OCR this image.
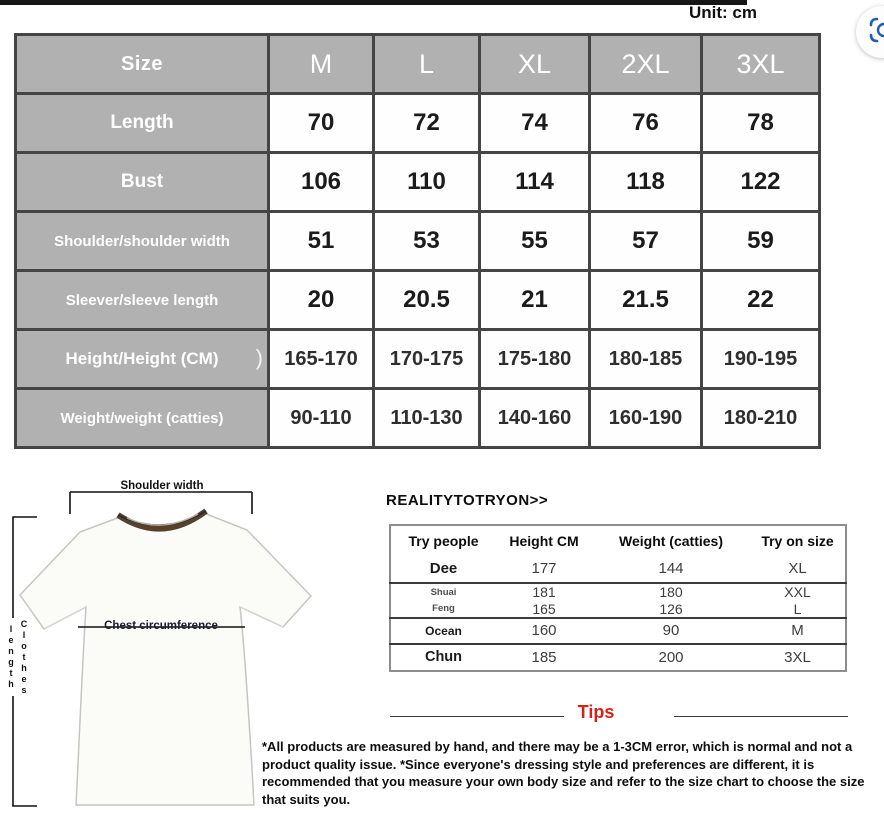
Unit: cm
Size	M	L	XL	2XL	3XL
Length	70	72	74	76	78
Bust	106	110	114	118	122
Shoulder/shoulder width	51	53	55	57	59
Sleever/sleeve length	20	20.5	21	21.5	22
Height/Height (CM) )	165-170	170-175	175-180	180-185	190-195
Weight/weight (catties)	90-110	110-130	140-160	160-190	180-210
Shoulder width
Chest circumference
Clothes length
REALITYTOTRYON>>
Try people	Height CM	Weight (catties)	Try on size
Dee	177	144	XL
Shuai	181	180	XXL
Feng	165	126	L
Ocean	160	90	M
Chun	185	200	3XL
Tips
*All products are measured by hand, and there may be a 1-3CM error, which is normal and not a product quality issue. *Since everyone's dressing style and preferences are different, it is recommended that you measure your own body size and refer to the size chart to choose the size that suits you.
